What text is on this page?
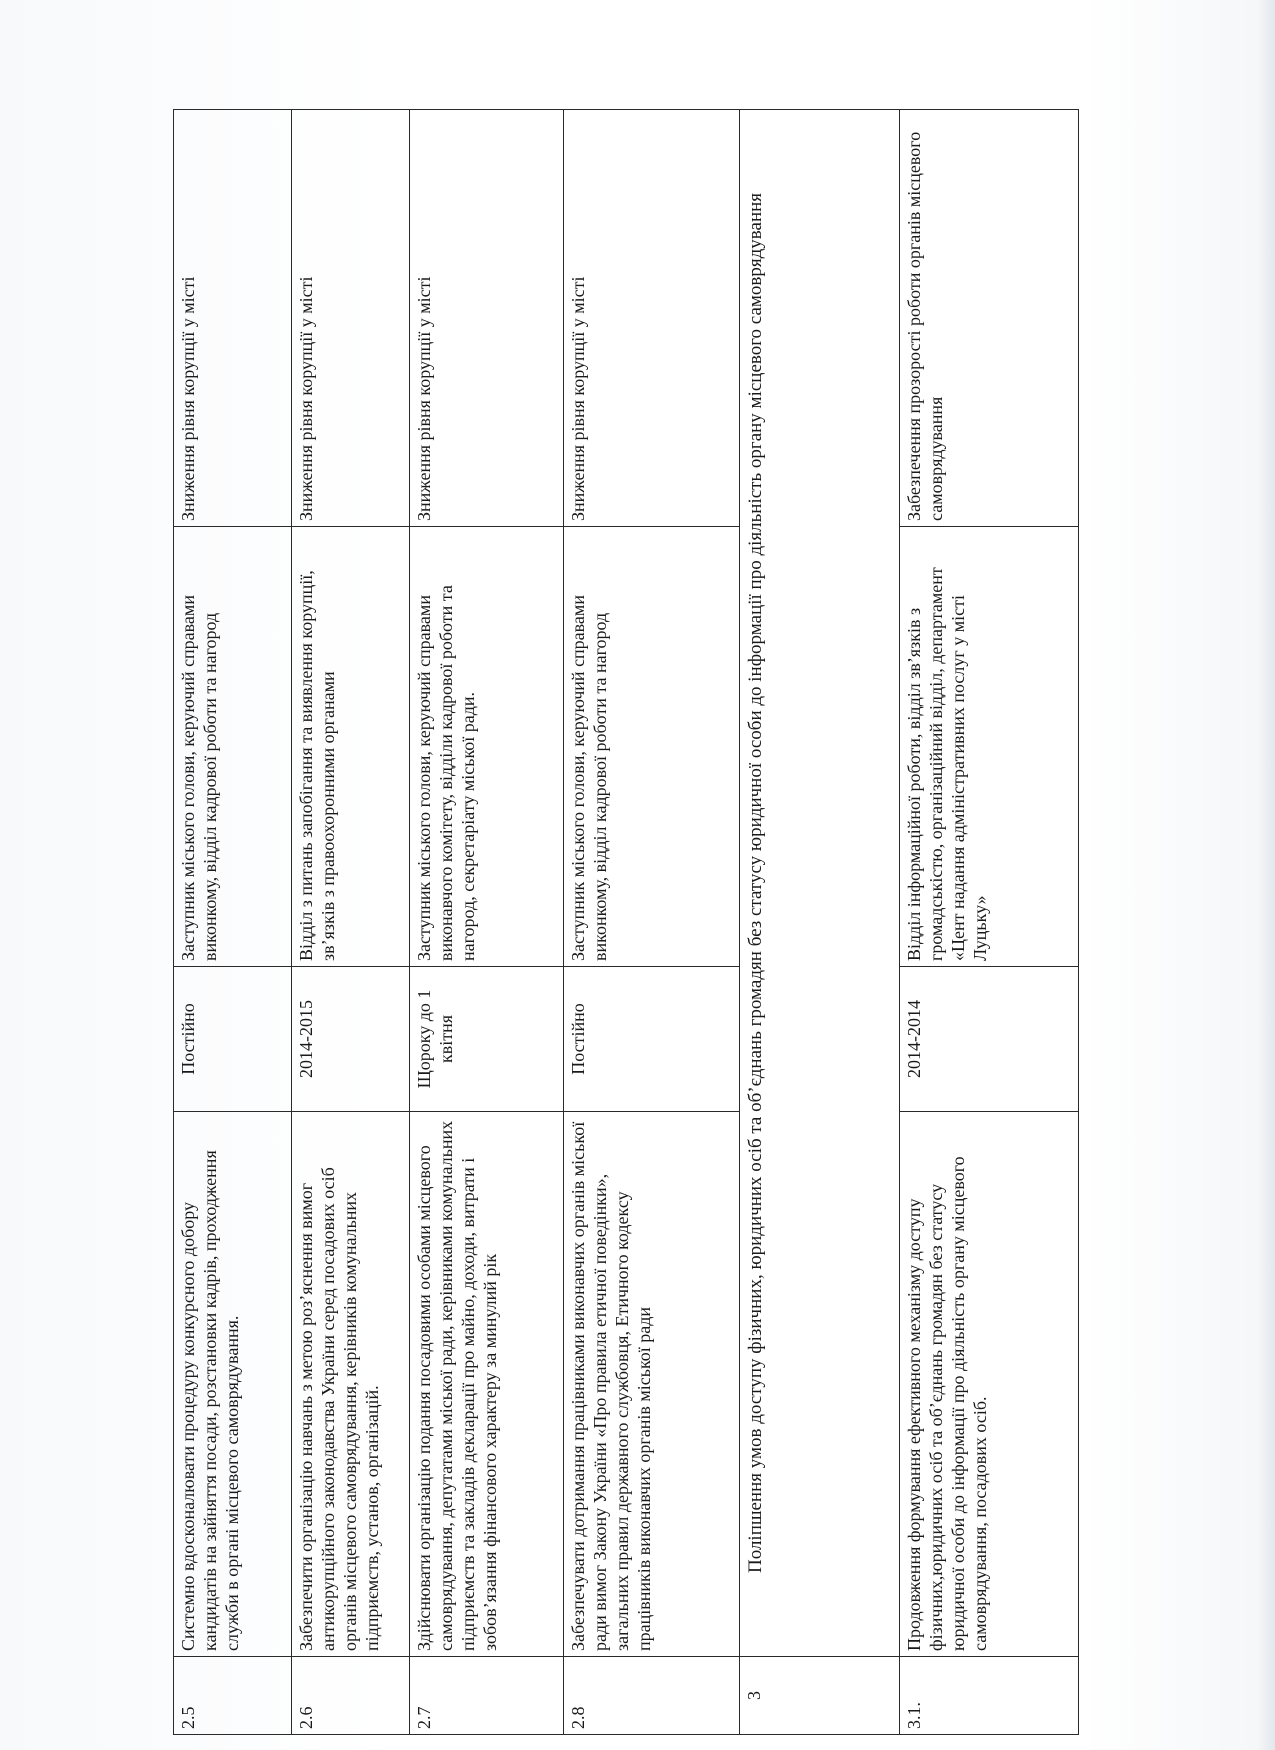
2.5	Системно вдосконалювати процедуру конкурсного добору кандидатів на зайняття посади, розстановки кадрів, проходження служби в органі місцевого самоврядування.	Постійно	Заступник міського голови, керуючий справами виконкому, відділ кадрової роботи та нагород	Зниження рівня корупції у місті
2.6	Забезпечити організацію навчань з метою роз’яснення вимог антикорупційного законодавства України серед посадових осіб органів місцевого самоврядування, керівників комунальних підприємств, установ, організацій.	2014-2015	Відділ з питань запобігання та виявлення корупції, зв’язків з правоохоронними органами	Зниження рівня корупції у місті
2.7	Здійснювати організацію подання посадовими особами місцевого самоврядування, депутатами міської ради, керівниками комунальних підприємств та закладів декларації про майно, доходи, витрати і зобов’язання фінансового характеру за минулий рік	Щороку до 1 квітня	Заступник міського голови, керуючий справами виконавчого комітету, відділи кадрової роботи та нагород, секретаріату міської ради.	Зниження рівня корупції у місті
2.8	Забезпечувати дотримання працівниками виконавчих органів міської ради вимог Закону України «Про правила етичної поведінки», загальних правил державного службовця, Етичного кодексу працівників виконавчих органів міської ради	Постійно	Заступник міського голови, керуючий справами виконкому, відділ кадрової роботи та нагород	Зниження рівня корупції у місті
3	Поліпшення умов доступу фізичних, юридичних осіб та об’єднань громадян без статусу юридичної особи до інформації про діяльність органу місцевого самоврядування			
3.1.	Продовження формування ефективного механізму доступу фізичних,юридичних осіб та об’єднань громадян без статусу юридичної особи до інформації про діяльність органу місцевого самоврядування, посадових осіб.	2014-2014	Відділ інформаційної роботи, відділ зв’язків з громадськістю, організаційний відділ, департамент «Цент надання адміністративних послуг у місті Луцьку»	Забезпечення прозорості роботи органів місцевого самоврядування
